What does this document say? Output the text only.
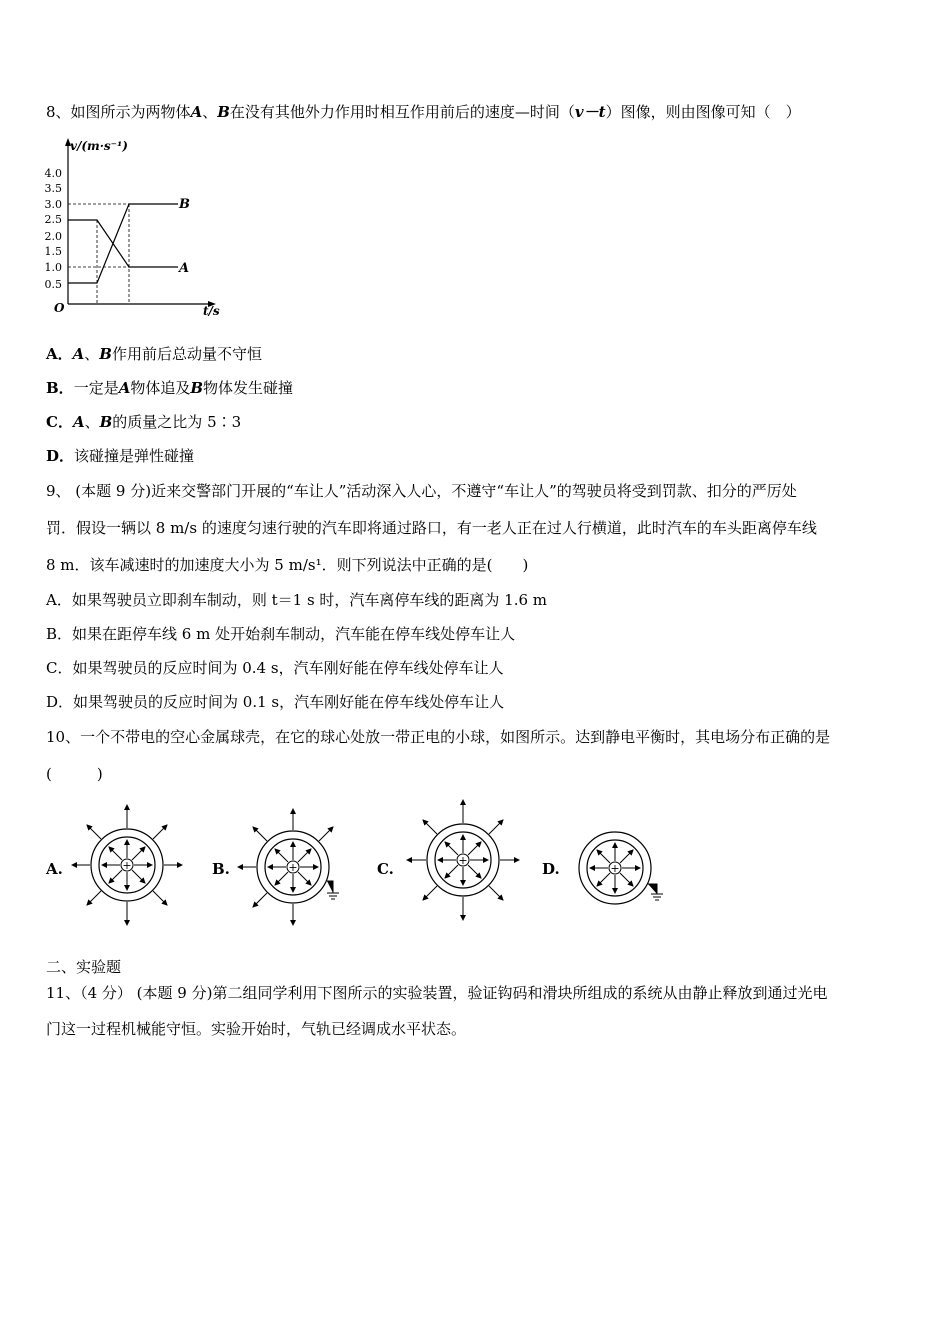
8、如图所示为两物体A、B在没有其他外力作用时相互作用前后的速度—时间（v－t）图像，则由图像可知（　）
v/(m·s⁻¹)
t/s
O
4.0
3.5
3.0
2.5
2.0
1.5
1.0
0.5
A
B
A．A、B作用前后总动量不守恒
B．一定是A物体追及B物体发生碰撞
C．A、B的质量之比为 5∶3
D．该碰撞是弹性碰撞
9、 (本题 9 分)近来交警部门开展的“车让人”活动深入人心，不遵守“车让人”的驾驶员将受到罚款、扣分的严厉处
罚．假设一辆以 8 m/s 的速度匀速行驶的汽车即将通过路口，有一老人正在过人行横道，此时汽车的车头距离停车线
8 m．该车减速时的加速度大小为 5 m/s¹．则下列说法中正确的是(　　)
A．如果驾驶员立即刹车制动，则 t＝1 s 时，汽车离停车线的距离为 1.6 m
B．如果在距停车线 6 m 处开始刹车制动，汽车能在停车线处停车让人
C．如果驾驶员的反应时间为 0.4 s，汽车刚好能在停车线处停车让人
D．如果驾驶员的反应时间为 0.1 s，汽车刚好能在停车线处停车让人
10、一个不带电的空心金属球壳，在它的球心处放一带正电的小球，如图所示。达到静电平衡时，其电场分布正确的是
(　　　)
A.	B.	C.	D.
+	+
+
+
二、实验题
11、（4 分） (本题 9 分)第二组同学利用下图所示的实验装置，验证钩码和滑块所组成的系统从由静止释放到通过光电
门这一过程机械能守恒。实验开始时，气轨已经调成水平状态。
